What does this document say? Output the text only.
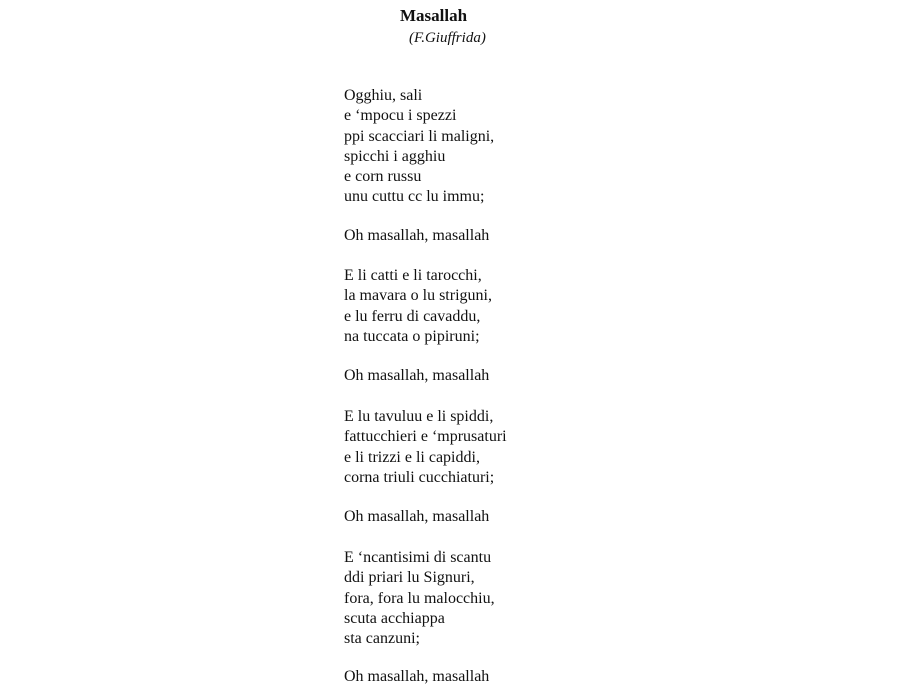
Masallah
(F.Giuffrida)
Ogghiu, sali
e ‘mpocu i spezzi
ppi scacciari li maligni,
spicchi i agghiu
e corn russu
unu cuttu cc lu immu;
Oh masallah, masallah
E li catti e li tarocchi,
la mavara o lu striguni,
e lu ferru di cavaddu,
na tuccata o pipiruni;
Oh masallah, masallah
E lu tavuluu e li spiddi,
fattucchieri e ‘mprusaturi
e li trizzi e li capiddi,
corna triuli cucchiaturi;
Oh masallah, masallah
E ‘ncantisimi di scantu
ddi priari lu Signuri,
fora, fora lu malocchiu,
scuta acchiappa
sta canzuni;
Oh masallah, masallah
